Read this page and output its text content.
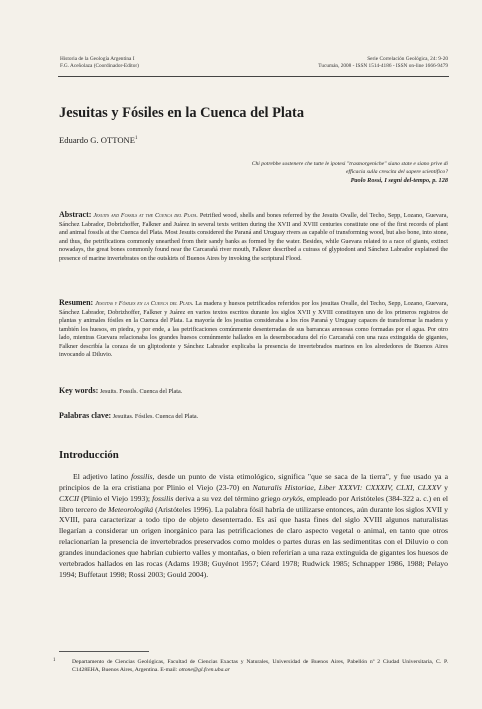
Historia de la Geología Argentina I
F.G. Aceñolaza (Coordinador-Editor)
Serie Correlación Geológica, 24: 9-20
Tucumán, 2008 - ISSN 1514-4186 - ISSN on-line 1666-9479
Jesuitas y Fósiles en la Cuenca del Plata
Eduardo G. OTTONE$^1$
Chi potrebbe sostenere che tutte le ipotesi "trasmorgeniche" siano state e siano prive di efficacia sulla crescita del sapere scientifico?
Paolo Rossi, I segni del-tempo, p. 128

Abstract: Jesuits and Fossils at the Cuenca del Plata. Petrified wood, shells and bones referred by the Jesuits Ovalle, del Techo, Sepp, Lozano, Guevara, Sánchez Labrador, Dobrizhoffer, Falkner and Juárez in several texts written during the XVII and XVIII centuries constitute one of the first records of plant and animal fossils at the Cuenca del Plata. Most Jesuits considered the Paraná and Uruguay rivers as capable of transforming wood, but also bone, into stone, and thus, the petrifications commonly unearthed from their sandy banks as formed by the water. Besides, while Guevara related to a race of giants, extinct nowadays, the great bones commonly found near the Carcarañá river mouth, Falkner described a cuirass of glyptodont and Sánchez Labrador explained the presence of marine invertebrates on the outskirts of Buenos Aires by invoking the scriptural Flood.

Resumen: Jesuitas y Fósiles en la Cuenca del Plata. La madera y huesos petrificados referidos por los jesuitas Ovalle, del Techo, Sepp, Lozano, Guevara, Sánchez Labrador, Dobrizhoffer, Falkner y Juárez en varios textos escritos durante los siglos XVII y XVIII constituyen uno de los primeros registros de plantas y animales fósiles en la Cuenca del Plata. La mayoría de los jesuitas consideraba a los ríos Paraná y Uruguay capaces de transformar la madera y también los huesos, en piedra, y por ende, a las petrificaciones comúnmente desenterradas de sus barrancas arenosas como formadas por el agua. Por otro lado, mientras Guevara relacionaba los grandes huesos comúnmente hallados en la desembocadura del río Carcarañá con una raza extinguida de gigantes, Falkner describía la coraza de un gliptodonte y Sánchez Labrador explicaba la presencia de invertebrados marinos en los alrededores de Buenos Aires invocando al Diluvio.

Key words: Jesuits. Fossils. Cuenca del Plata.
Palabras clave: Jesuitas. Fósiles. Cuenca del Plata.
Introducción

El adjetivo latino fossilis, desde un punto de vista etimológico, significa "que se saca de la tierra", y fue usado ya a principios de la era cristiana por Plinio el Viejo (23-70) en Naturalis Historiae, Liber XXXVI: CXXXIV, CLXI, CLXXV y CXCII (Plinio el Viejo 1993); fossilis deriva a su vez del término griego orykós, empleado por Aristóteles (384-322 a. c.) en el libro tercero de Meteorologiká (Aristóteles 1996). La palabra fósil habría de utilizarse entonces, aún durante los siglos XVII y XVIII, para caracterizar a todo tipo de objeto desenterrado. Es así que hasta fines del siglo XVIII algunos naturalistas llegarían a considerar un origen inorgánico para las petrificaciones de claro aspecto vegetal o animal, en tanto que otros relacionarían la presencia de invertebrados preservados como moldes o partes duras en las sedimentitas con el Diluvio o con grandes inundaciones que habrían cubierto valles y montañas, o bien referirían a una raza extinguida de gigantes los huesos de vertebrados hallados en las rocas (Adams 1938; Guyénot 1957; Céard 1978; Rudwick 1985; Schnapper 1986, 1988; Pelayo 1994; Buffetaut 1998; Rossi 2003; Gould 2004).

1	Departamento de Ciencias Geológicas, Facultad de Ciencias Exactas y Naturales, Universidad de Buenos Aires, Pabellón nº 2 Ciudad Universitaria, C. P. C1428EHA, Buenos Aires, Argentina. E-mail: ottone@gl.fcen.uba.ar
